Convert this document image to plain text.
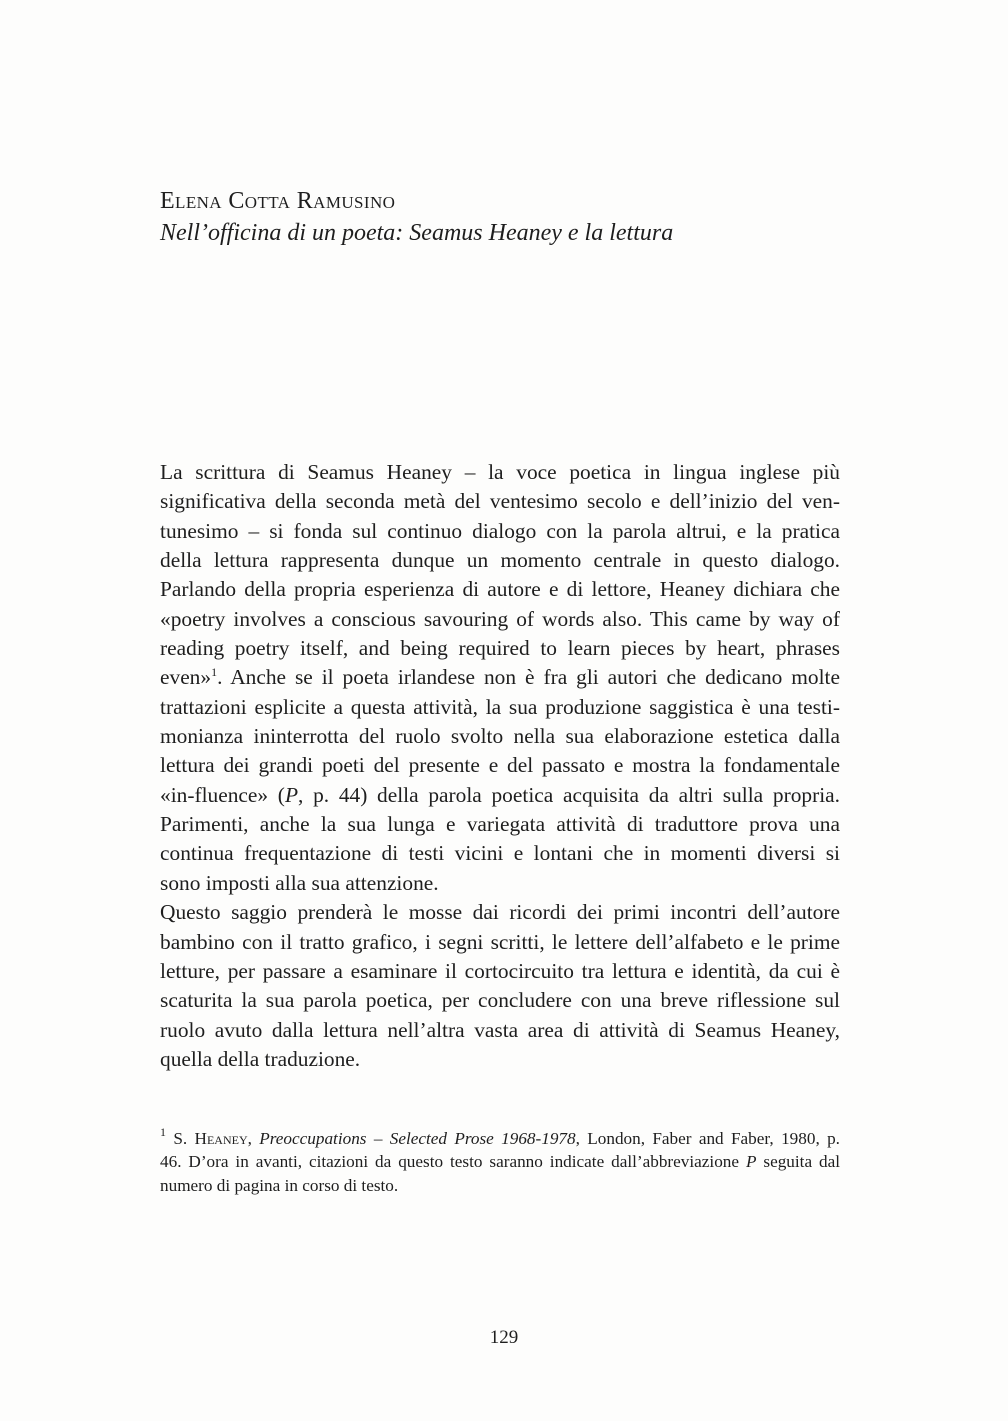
Elena Cotta Ramusino

Nell’officina di un poeta: Seamus Heaney e la lettura

La scrittura di Seamus Heaney – la voce poetica in lingua inglese più
significativa della seconda metà del ventesimo secolo e dell’inizio del ven-
tunesimo – si fonda sul continuo dialogo con la parola altrui, e la pratica
della lettura rappresenta dunque un momento centrale in questo dialogo.
Parlando della propria esperienza di autore e di lettore, Heaney dichiara che
«poetry involves a conscious savouring of words also. This came by way of
reading poetry itself, and being required to learn pieces by heart, phrases
even»$^1$. Anche se il poeta irlandese non è fra gli autori che dedicano molte
trattazioni esplicite a questa attività, la sua produzione saggistica è una testi-
monianza ininterrotta del ruolo svolto nella sua elaborazione estetica dalla
lettura dei grandi poeti del presente e del passato e mostra la fondamentale
«in-fluence» (P, p. 44) della parola poetica acquisita da altri sulla propria.
Parimenti, anche la sua lunga e variegata attività di traduttore prova una
continua frequentazione di testi vicini e lontani che in momenti diversi si
sono imposti alla sua attenzione.
Questo saggio prenderà le mosse dai ricordi dei primi incontri dell’autore
bambino con il tratto grafico, i segni scritti, le lettere dell’alfabeto e le prime
letture, per passare a esaminare il cortocircuito tra lettura e identità, da cui è
scaturita la sua parola poetica, per concludere con una breve riflessione sul
ruolo avuto dalla lettura nell’altra vasta area di attività di Seamus Heaney,
quella della traduzione.
$^1$ S. Heaney, Preoccupations – Selected Prose 1968-1978, London, Faber and Faber, 1980, p.
46. D’ora in avanti, citazioni da questo testo saranno indicate dall’abbreviazione P seguita dal
numero di pagina in corso di testo.
129
